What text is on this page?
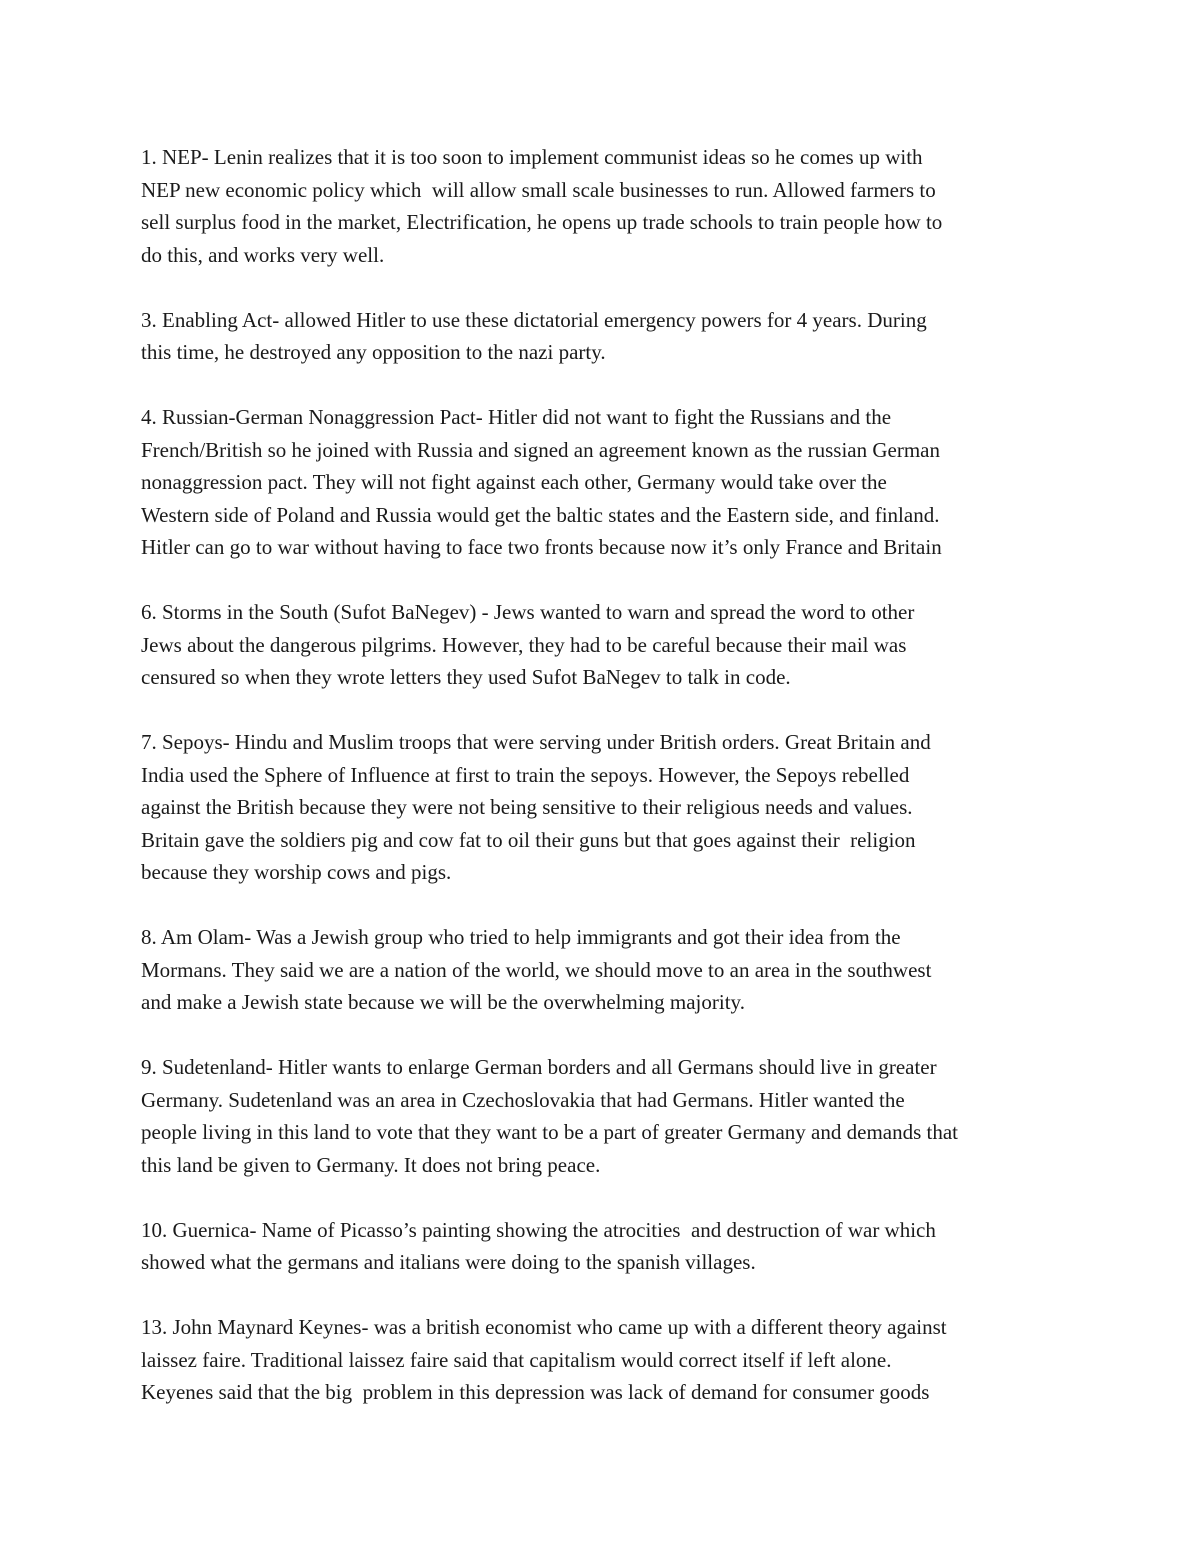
1. NEP- Lenin realizes that it is too soon to implement communist ideas so he comes up with
NEP new economic policy which  will allow small scale businesses to run. Allowed farmers to
sell surplus food in the market, Electrification, he opens up trade schools to train people how to
do this, and works very well.

3. Enabling Act- allowed Hitler to use these dictatorial emergency powers for 4 years. During
this time, he destroyed any opposition to the nazi party.

4. Russian-German Nonaggression Pact- Hitler did not want to fight the Russians and the
French/British so he joined with Russia and signed an agreement known as the russian German
nonaggression pact. They will not fight against each other, Germany would take over the
Western side of Poland and Russia would get the baltic states and the Eastern side, and finland.
Hitler can go to war without having to face two fronts because now it’s only France and Britain

6. Storms in the South (Sufot BaNegev) - Jews wanted to warn and spread the word to other
Jews about the dangerous pilgrims. However, they had to be careful because their mail was
censured so when they wrote letters they used Sufot BaNegev to talk in code.

7. Sepoys- Hindu and Muslim troops that were serving under British orders. Great Britain and
India used the Sphere of Influence at first to train the sepoys. However, the Sepoys rebelled
against the British because they were not being sensitive to their religious needs and values.
Britain gave the soldiers pig and cow fat to oil their guns but that goes against their  religion
because they worship cows and pigs.

8. Am Olam- Was a Jewish group who tried to help immigrants and got their idea from the
Mormans. They said we are a nation of the world, we should move to an area in the southwest
and make a Jewish state because we will be the overwhelming majority.

9. Sudetenland- Hitler wants to enlarge German borders and all Germans should live in greater
Germany. Sudetenland was an area in Czechoslovakia that had Germans. Hitler wanted the
people living in this land to vote that they want to be a part of greater Germany and demands that
this land be given to Germany. It does not bring peace.

10. Guernica- Name of Picasso’s painting showing the atrocities  and destruction of war which
showed what the germans and italians were doing to the spanish villages.

13. John Maynard Keynes- was a british economist who came up with a different theory against
laissez faire. Traditional laissez faire said that capitalism would correct itself if left alone.
Keyenes said that the big  problem in this depression was lack of demand for consumer goods
